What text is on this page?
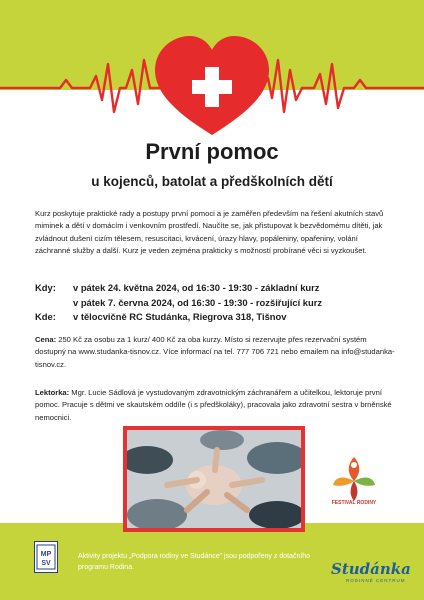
První pomoc
u kojenců, batolat a předškolních dětí
Kurz poskytuje praktické rady a postupy první pomoci a je zaměřen především na řešení akutních stavů miminek a dětí v domácím i venkovním prostředí. Naučíte se, jak přistupovat k bezvědomému dítěti, jak zvládnout dušení cizím tělesem, resuscitaci, krvácení, úrazy hlavy, popáleniny, opařeniny, volání záchranné služby a další. Kurz je veden zejména prakticky s možností probírané věci si vyzkoušet.
Kdy:	v pátek 24. května 2024, od 16:30 - 19:30 - základní kurz
v pátek 7. června 2024, od 16:30 - 19:30 - rozšiřující kurz
Kde:	v tělocvičně RC Studánka, Riegrova 318, Tišnov
Cena: 250 Kč za osobu za 1 kurz/ 400 Kč za oba kurzy. Místo si rezervujte přes rezervační systém dostupný na www.studanka-tisnov.cz. Více informací na tel. 777 706 721 nebo emailem na info@studanka-tisnov.cz.
Lektorka: Mgr. Lucie Sádlová je vystudovaným zdravotnickým záchranářem a učitelkou, lektoruje první pomoc. Pracuje s dětmi ve skautském oddíle (i s předškoláky), pracovala jako zdravotní sestra v brněnské nemocnici.
FESTIVAL RODINY
MP
SV
Aktivity projektu „Podpora rodiny ve Studánce" jsou podpořeny z dotačního programu Rodina.	Studánka
RODINNÉ CENTRUM
